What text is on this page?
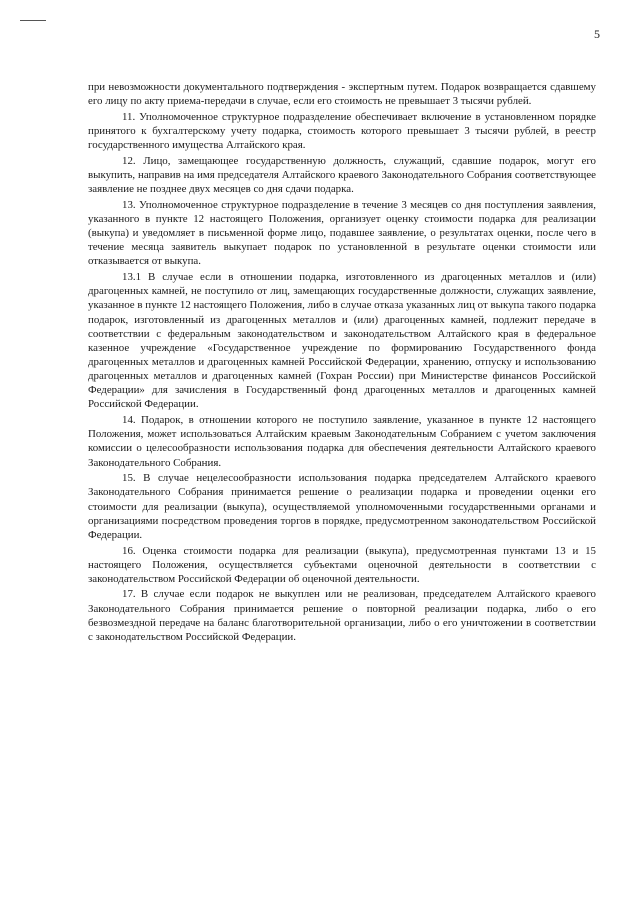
5

при невозможности документального подтверждения - экспертным путем. Подарок возвращается сдавшему его лицу по акту приема-передачи в случае, если его стоимость не превышает 3 тысячи рублей.

11. Уполномоченное структурное подразделение обеспечивает включение в установленном порядке принятого к бухгалтерскому учету подарка, стоимость которого превышает 3 тысячи рублей, в реестр государственного имущества Алтайского края.

12. Лицо, замещающее государственную должность, служащий, сдавшие подарок, могут его выкупить, направив на имя председателя Алтайского краевого Законодательного Собрания соответствующее заявление не позднее двух месяцев со дня сдачи подарка.

13. Уполномоченное структурное подразделение в течение 3 месяцев со дня поступления заявления, указанного в пункте 12 настоящего Положения, организует оценку стоимости подарка для реализации (выкупа) и уведомляет в письменной форме лицо, подавшее заявление, о результатах оценки, после чего в течение месяца заявитель выкупает подарок по установленной в результате оценки стоимости или отказывается от выкупа.

13.1 В случае если в отношении подарка, изготовленного из драгоценных металлов и (или) драгоценных камней, не поступило от лиц, замещающих государственные должности, служащих заявление, указанное в пункте 12 настоящего Положения, либо в случае отказа указанных лиц от выкупа такого подарка подарок, изготовленный из драгоценных металлов и (или) драгоценных камней, подлежит передаче в соответствии с федеральным законодательством и законодательством Алтайского края в федеральное казенное учреждение «Государственное учреждение по формированию Государственного фонда драгоценных металлов и драгоценных камней Российской Федерации, хранению, отпуску и использованию драгоценных металлов и драгоценных камней (Гохран России) при Министерстве финансов Российской Федерации» для зачисления в Государственный фонд драгоценных металлов и драгоценных камней Российской Федерации.

14. Подарок, в отношении которого не поступило заявление, указанное в пункте 12 настоящего Положения, может использоваться Алтайским краевым Законодательным Собранием с учетом заключения комиссии о целесообразности использования подарка для обеспечения деятельности Алтайского краевого Законодательного Собрания.

15. В случае нецелесообразности использования подарка председателем Алтайского краевого Законодательного Собрания принимается решение о реализации подарка и проведении оценки его стоимости для реализации (выкупа), осуществляемой уполномоченными государственными органами и организациями посредством проведения торгов в порядке, предусмотренном законодательством Российской Федерации.

16. Оценка стоимости подарка для реализации (выкупа), предусмотренная пунктами 13 и 15 настоящего Положения, осуществляется субъектами оценочной деятельности в соответствии с законодательством Российской Федерации об оценочной деятельности.

17. В случае если подарок не выкуплен или не реализован, председателем Алтайского краевого Законодательного Собрания принимается решение о повторной реализации подарка, либо о его безвозмездной передаче на баланс благотворительной организации, либо о его уничтожении в соответствии с законодательством Российской Федерации.
